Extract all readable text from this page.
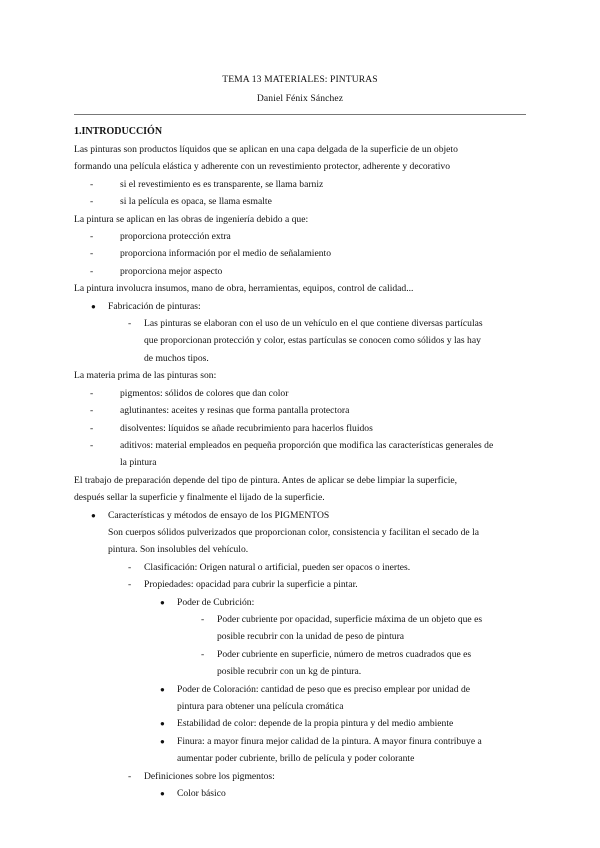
TEMA 13 MATERIALES: PINTURAS
Daniel Fénix Sánchez
1.INTRODUCCIÓN
Las pinturas son productos líquidos que se aplican en una capa delgada de la superficie de un objeto
formando una película elástica y adherente con un revestimiento protector, adherente y decorativo
-	si el revestimiento es es transparente, se llama barniz
-	si la película es opaca, se llama esmalte
La pintura se aplican en las obras de ingeniería debido a que:
-	proporciona protección extra
-	proporciona información por el medio de señalamiento
-	proporciona mejor aspecto
La pintura involucra insumos, mano de obra, herramientas, equipos, control de calidad...
● Fabricación de pinturas:
- Las pinturas se elaboran con el uso de un vehículo en el que contiene diversas partículas
que proporcionan protección y color, estas partículas se conocen como sólidos y las hay
de muchos tipos.
La materia prima de las pinturas son:
-	pigmentos: sólidos de colores que dan color
-	aglutinantes: aceites y resinas que forma pantalla protectora
-	disolventes: líquidos se añade recubrimiento para hacerlos fluidos
-	aditivos: material empleados en pequeña proporción que modifica las características generales de
la pintura
El trabajo de preparación depende del tipo de pintura. Antes de aplicar se debe limpiar la superficie,
después sellar la superficie y finalmente el lijado de la superficie.
● Características y métodos de ensayo de los PIGMENTOS
Son cuerpos sólidos pulverizados que proporcionan color, consistencia y facilitan el secado de la
pintura. Son insolubles del vehículo.
- Clasificación: Origen natural o artificial, pueden ser opacos o inertes.
- Propiedades: opacidad para cubrir la superficie a pintar.
● Poder de Cubrición:
- Poder cubriente por opacidad, superficie máxima de un objeto que es
posible recubrir con la unidad de peso de pintura
- Poder cubriente en superficie, número de metros cuadrados que es
posible recubrir con un kg de pintura.
● Poder de Coloración: cantidad de peso que es preciso emplear por unidad de
pintura para obtener una película cromática
● Estabilidad de color: depende de la propia pintura y del medio ambiente
● Finura: a mayor finura mejor calidad de la pintura. A mayor finura contribuye a
aumentar poder cubriente, brillo de película y poder colorante
- Definiciones sobre los pigmentos:
● Color básico
